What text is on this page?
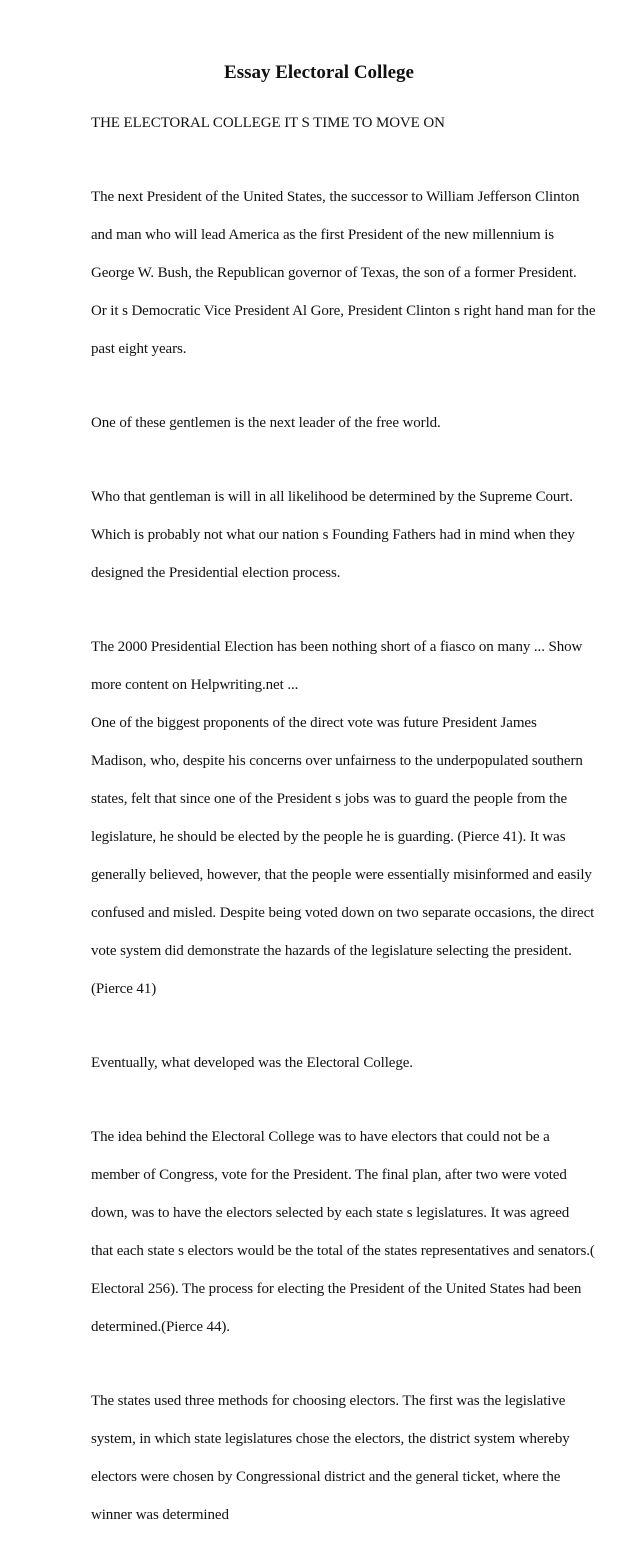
Essay Electoral College

THE ELECTORAL COLLEGE IT S TIME TO MOVE ON

The next President of the United States, the successor to William Jefferson Clinton

and man who will lead America as the first President of the new millennium is

George W. Bush, the Republican governor of Texas, the son of a former President.

Or it s Democratic Vice President Al Gore, President Clinton s right hand man for the

past eight years.

One of these gentlemen is the next leader of the free world.

Who that gentleman is will in all likelihood be determined by the Supreme Court.

Which is probably not what our nation s Founding Fathers had in mind when they

designed the Presidential election process.

The 2000 Presidential Election has been nothing short of a fiasco on many ... Show

more content on Helpwriting.net ...

One of the biggest proponents of the direct vote was future President James

Madison, who, despite his concerns over unfairness to the underpopulated southern

states, felt that since one of the President s jobs was to guard the people from the

legislature, he should be elected by the people he is guarding. (Pierce 41). It was

generally believed, however, that the people were essentially misinformed and easily

confused and misled. Despite being voted down on two separate occasions, the direct

vote system did demonstrate the hazards of the legislature selecting the president.

(Pierce 41)

Eventually, what developed was the Electoral College.

The idea behind the Electoral College was to have electors that could not be a

member of Congress, vote for the President. The final plan, after two were voted

down, was to have the electors selected by each state s legislatures. It was agreed

that each state s electors would be the total of the states representatives and senators.(

Electoral 256). The process for electing the President of the United States had been

determined.(Pierce 44).

The states used three methods for choosing electors. The first was the legislative

system, in which state legislatures chose the electors, the district system whereby

electors were chosen by Congressional district and the general ticket, where the

winner was determined
